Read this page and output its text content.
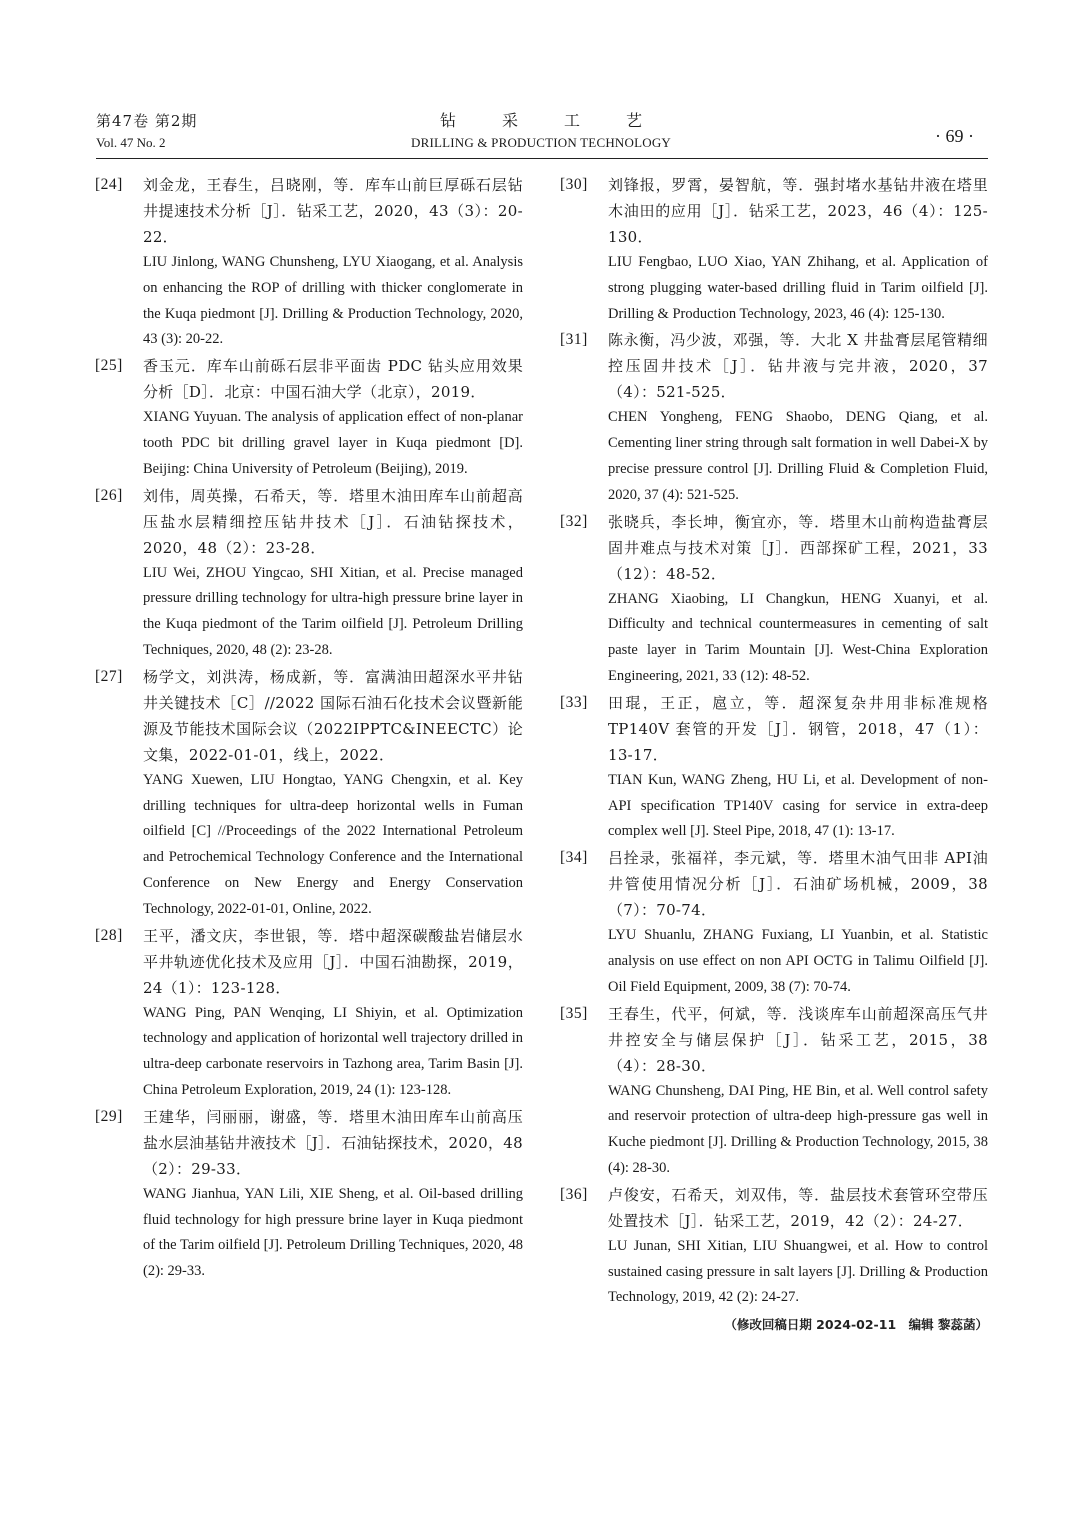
第47卷 第2期
Vol. 47 No. 2
钻采工艺
DRILLING & PRODUCTION TECHNOLOGY	· 69 ·
[24]	刘金龙，王春生，吕晓刚，等．库车山前巨厚砾石层钻井提速技术分析［J］．钻采工艺，2020，43（3）：20-22．
LIU Jinlong, WANG Chunsheng, LYU Xiaogang, et al. Analysis on enhancing the ROP of drilling with thicker conglomerate in the Kuqa piedmont [J]. Drilling & Production Technology, 2020, 43 (3): 20-22.
[25]	香玉元．库车山前砾石层非平面齿 PDC 钻头应用效果分析［D］．北京：中国石油大学（北京），2019．
XIANG Yuyuan. The analysis of application effect of non-planar tooth PDC bit drilling gravel layer in Kuqa piedmont [D]. Beijing: China University of Petroleum (Beijing), 2019.
[26]	刘伟，周英操，石希天，等．塔里木油田库车山前超高压盐水层精细控压钻井技术［J］．石油钻探技术，2020，48（2）：23-28．
LIU Wei, ZHOU Yingcao, SHI Xitian, et al. Precise managed pressure drilling technology for ultra-high pressure brine layer in the Kuqa piedmont of the Tarim oilfield [J]. Petroleum Drilling Techniques, 2020, 48 (2): 23-28.
[27]	杨学文，刘洪涛，杨成新，等．富满油田超深水平井钻井关键技术［C］//2022 国际石油石化技术会议暨新能源及节能技术国际会议（2022IPPTC&INEECTC）论文集，2022-01-01，线上，2022．
YANG Xuewen, LIU Hongtao, YANG Chengxin, et al. Key drilling techniques for ultra-deep horizontal wells in Fuman oilfield [C] //Proceedings of the 2022 International Petroleum and Petrochemical Technology Conference and the International Conference on New Energy and Energy Conservation Technology, 2022-01-01, Online, 2022.
[28]	王平，潘文庆，李世银，等．塔中超深碳酸盐岩储层水平井轨迹优化技术及应用［J］．中国石油勘探，2019，24（1）：123-128．
WANG Ping, PAN Wenqing, LI Shiyin, et al. Optimization technology and application of horizontal well trajectory drilled in ultra-deep carbonate reservoirs in Tazhong area, Tarim Basin [J]. China Petroleum Exploration, 2019, 24 (1): 123-128.
[29]	王建华，闫丽丽，谢盛，等．塔里木油田库车山前高压盐水层油基钻井液技术［J］．石油钻探技术，2020，48（2）：29-33．
WANG Jianhua, YAN Lili, XIE Sheng, et al. Oil-based drilling fluid technology for high pressure brine layer in Kuqa piedmont of the Tarim oilfield [J]. Petroleum Drilling Techniques, 2020, 48 (2): 29-33.
[30]	刘锋报，罗霄，晏智航，等．强封堵水基钻井液在塔里木油田的应用［J］．钻采工艺，2023，46（4）：125-130．
LIU Fengbao, LUO Xiao, YAN Zhihang, et al. Application of strong plugging water-based drilling fluid in Tarim oilfield [J]. Drilling & Production Technology, 2023, 46 (4): 125-130.
[31]	陈永衡，冯少波，邓强，等．大北 X 井盐膏层尾管精细控压固井技术［J］．钻井液与完井液，2020，37（4）：521-525．
CHEN Yongheng, FENG Shaobo, DENG Qiang, et al. Cementing liner string through salt formation in well Dabei-X by precise pressure control [J]. Drilling Fluid & Completion Fluid, 2020, 37 (4): 521-525.
[32]	张晓兵，李长坤，衡宜亦，等．塔里木山前构造盐膏层固井难点与技术对策［J］．西部探矿工程，2021，33（12）：48-52．
ZHANG Xiaobing, LI Changkun, HENG Xuanyi, et al. Difficulty and technical countermeasures in cementing of salt paste layer in Tarim Mountain [J]. West-China Exploration Engineering, 2021, 33 (12): 48-52.
[33]	田琨，王正，扈立，等．超深复杂井用非标准规格TP140V 套管的开发［J］．钢管，2018，47（1）：13-17．
TIAN Kun, WANG Zheng, HU Li, et al. Development of non-API specification TP140V casing for service in extra-deep complex well [J]. Steel Pipe, 2018, 47 (1): 13-17.
[34]	吕拴录，张福祥，李元斌，等．塔里木油气田非 API油井管使用情况分析［J］．石油矿场机械，2009，38（7）：70-74．
LYU Shuanlu, ZHANG Fuxiang, LI Yuanbin, et al. Statistic analysis on use effect on non API OCTG in Talimu Oilfield [J]. Oil Field Equipment, 2009, 38 (7): 70-74.
[35]	王春生，代平，何斌，等．浅谈库车山前超深高压气井井控安全与储层保护［J］．钻采工艺，2015，38（4）：28-30．
WANG Chunsheng, DAI Ping, HE Bin, et al. Well control safety and reservoir protection of ultra-deep high-pressure gas well in Kuche piedmont [J]. Drilling & Production Technology, 2015, 38 (4): 28-30.
[36]	卢俊安，石希天，刘双伟，等．盐层技术套管环空带压处置技术［J］．钻采工艺，2019，42（2）：24-27．
LU Junan, SHI Xitian, LIU Shuangwei, et al. How to control sustained casing pressure in salt layers [J]. Drilling & Production Technology, 2019, 42 (2): 24-27.
（修改回稿日期 2024-02-11　编辑 黎蕊菡）
